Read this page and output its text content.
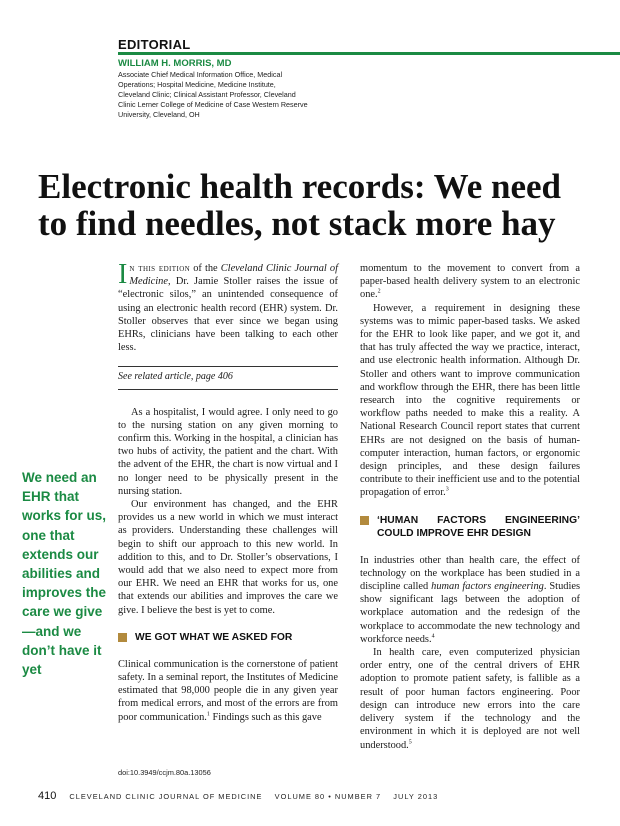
EDITORIAL
WILLIAM H. MORRIS, MD
Associate Chief Medical Information Office, Medical Operations; Hospital Medicine, Medicine Institute, Cleveland Clinic; Clinical Assistant Professor, Cleveland Clinic Lerner College of Medicine of Case Western Reserve University, Cleveland, OH
Electronic health records: We need to find needles, not stack more hay

In this edition of the Cleveland Clinic Journal of Medicine, Dr. Jamie Stoller raises the issue of “electronic silos,” an unintended consequence of using an electronic health record (EHR) system. Dr. Stoller observes that ever since we began using EHRs, clinicians have been talking to each other less.

See related article, page 406

As a hospitalist, I would agree. I only need to go to the nursing station on any given morning to confirm this. Working in the hospital, a clinician has two hubs of activity, the patient and the chart. With the advent of the EHR, the chart is now virtual and I no longer need to be physically present in the nursing station.

Our environment has changed, and the EHR provides us a new world in which we must interact as providers. Understanding these challenges will begin to shift our approach to this new world. In addition to this, and to Dr. Stoller’s observations, I would add that we also need to expect more from our EHR. We need an EHR that works for us, one that extends our abilities and improves the care we give. I believe the best is yet to come.

WE GOT WHAT WE ASKED FOR

Clinical communication is the cornerstone of patient safety. In a seminal report, the Institutes of Medicine estimated that 98,000 people die in any given year from medical errors, and most of the errors are from poor communication.$^1$ Findings such as this gave

momentum to the movement to convert from a paper-based health delivery system to an electronic one.$^2$

However, a requirement in designing these systems was to mimic paper-based tasks. We asked for the EHR to look like paper, and we got it, and that has truly affected the way we practice, interact, and use electronic health information. Although Dr. Stoller and others want to improve communication and workflow through the EHR, there has been little research into the cognitive requirements or workflow paths needed to make this a reality. A National Research Council report states that current EHRs are not designed on the basis of human-computer interaction, human factors, or ergonomic design principles, and these design failures contribute to their inefficient use and to the potential propagation of error.$^3$

‘HUMAN FACTORS ENGINEERING’ COULD IMPROVE EHR DESIGN

In industries other than health care, the effect of technology on the workplace has been studied in a discipline called human factors engineering. Studies show significant lags between the adoption of workplace automation and the redesign of the workplace to accommodate the new technology and workforce needs.$^4$

In health care, even computerized physician order entry, one of the central drivers of EHR adoption to promote patient safety, is fallible as a result of poor human factors engineering. Poor design can introduce new errors into the care delivery system if the technology and the environment in which it is deployed are not well understood.$^5$

We need an EHR that works for us, one that extends our abilities and improves the care we give—and we don’t have it yet

doi:10.3949/ccjm.80a.13056
410 CLEVELAND CLINIC JOURNAL OF MEDICINE VOLUME 80 • NUMBER 7 JULY 2013
